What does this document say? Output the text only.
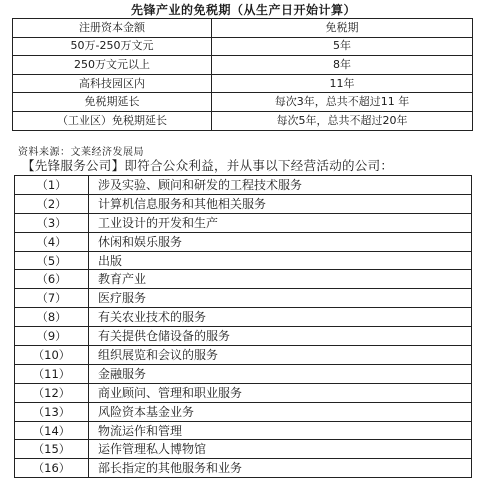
先锋产业的免税期（从生产日开始计算）
注册资本金额	免税期
50万-250万文元	5年
250万文元以上	8年
高科技园区内	11年
免税期延长	每次3年，总共不超过11 年
（工业区）免税期延长	每次5年，总共不超过20年
资料来源：文莱经济发展局
【先锋服务公司】即符合公众利益，并从事以下经营活动的公司：
（1）	涉及实验、顾问和研发的工程技术服务
（2）	计算机信息服务和其他相关服务
（3）	工业设计的开发和生产
（4）	休闲和娱乐服务
（5）	出版
（6）	教育产业
（7）	医疗服务
（8）	有关农业技术的服务
（9）	有关提供仓储设备的服务
（10）	组织展览和会议的服务
（11）	金融服务
（12）	商业顾问、管理和职业服务
（13）	风险资本基金业务
（14）	物流运作和管理
（15）	运作管理私人博物馆
（16）	部长指定的其他服务和业务
